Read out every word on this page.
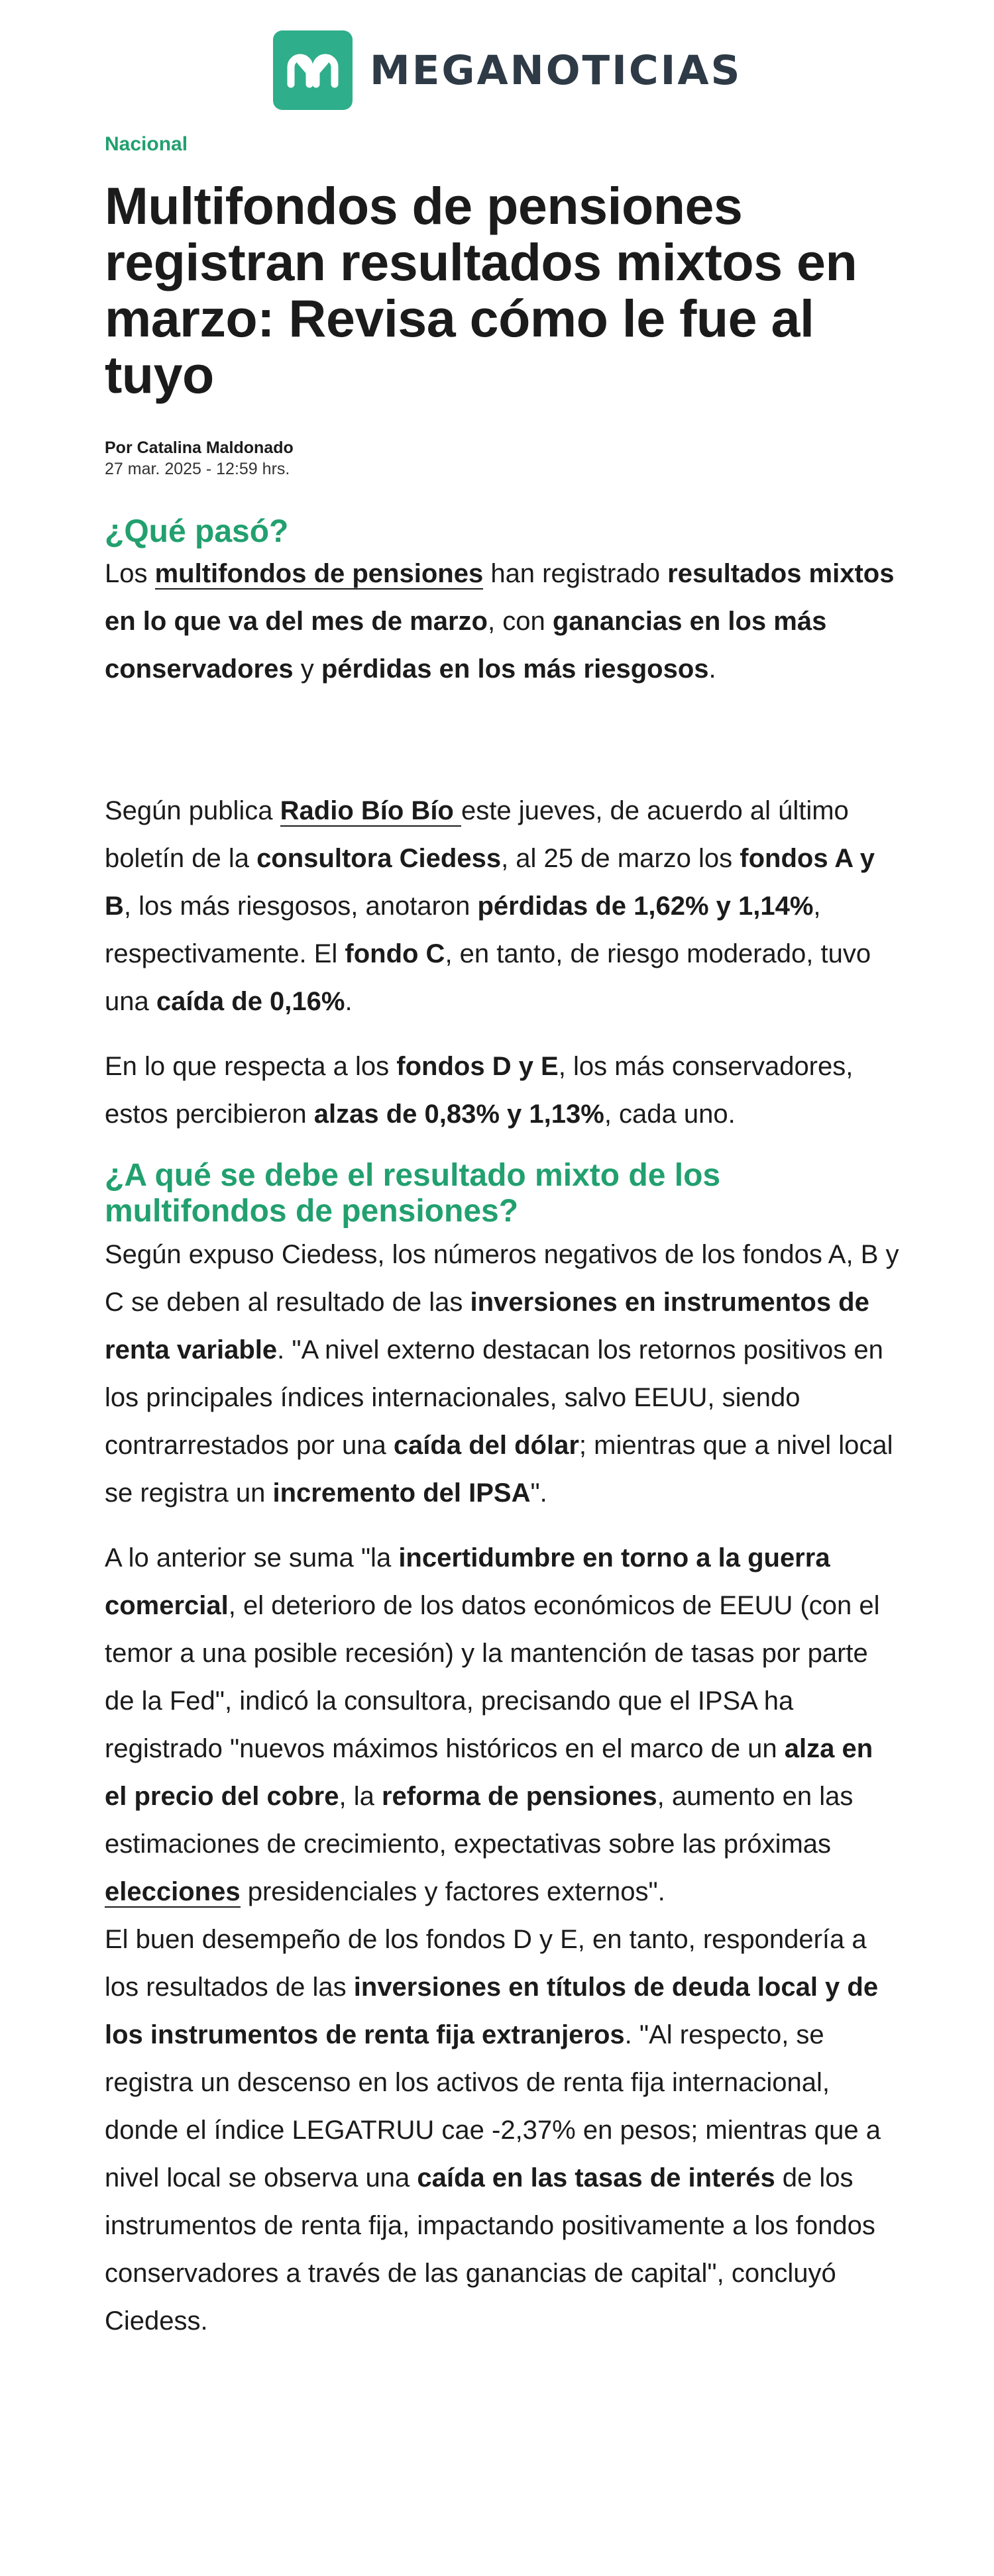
MEGANOTICIAS
Nacional
Multifondos de pensiones registran resultados mixtos en marzo: Revisa cómo le fue al tuyo
Por Catalina Maldonado
27 mar. 2025 - 12:59 hrs.
¿Qué pasó?

Los multifondos de pensiones han registrado resultados mixtos en lo que va del mes de marzo, con ganancias en los más conservadores y pérdidas en los más riesgosos.

Según publica Radio Bío Bío este jueves, de acuerdo al último boletín de la consultora Ciedess, al 25 de marzo los fondos A y B, los más riesgosos, anotaron pérdidas de 1,62% y 1,14%, respectivamente. El fondo C, en tanto, de riesgo moderado, tuvo una caída de 0,16%.

En lo que respecta a los fondos D y E, los más conservadores, estos percibieron alzas de 0,83% y 1,13%, cada uno.

¿A qué se debe el resultado mixto de los multifondos de pensiones?

Según expuso Ciedess, los números negativos de los fondos A, B y C se deben al resultado de las inversiones en instrumentos de renta variable. "A nivel externo destacan los retornos positivos en los principales índices internacionales, salvo EEUU, siendo contrarrestados por una caída del dólar; mientras que a nivel local se registra un incremento del IPSA".

A lo anterior se suma "la incertidumbre en torno a la guerra comercial, el deterioro de los datos económicos de EEUU (con el temor a una posible recesión) y la mantención de tasas por parte de la Fed", indicó la consultora, precisando que el IPSA ha registrado "nuevos máximos históricos en el marco de un alza en el precio del cobre, la reforma de pensiones, aumento en las estimaciones de crecimiento, expectativas sobre las próximas elecciones presidenciales y factores externos".

El buen desempeño de los fondos D y E, en tanto, respondería a los resultados de las inversiones en títulos de deuda local y de los instrumentos de renta fija extranjeros. "Al respecto, se registra un descenso en los activos de renta fija internacional, donde el índice LEGATRUU cae -2,37% en pesos; mientras que a nivel local se observa una caída en las tasas de interés de los instrumentos de renta fija, impactando positivamente a los fondos conservadores a través de las ganancias de capital", concluyó Ciedess.
